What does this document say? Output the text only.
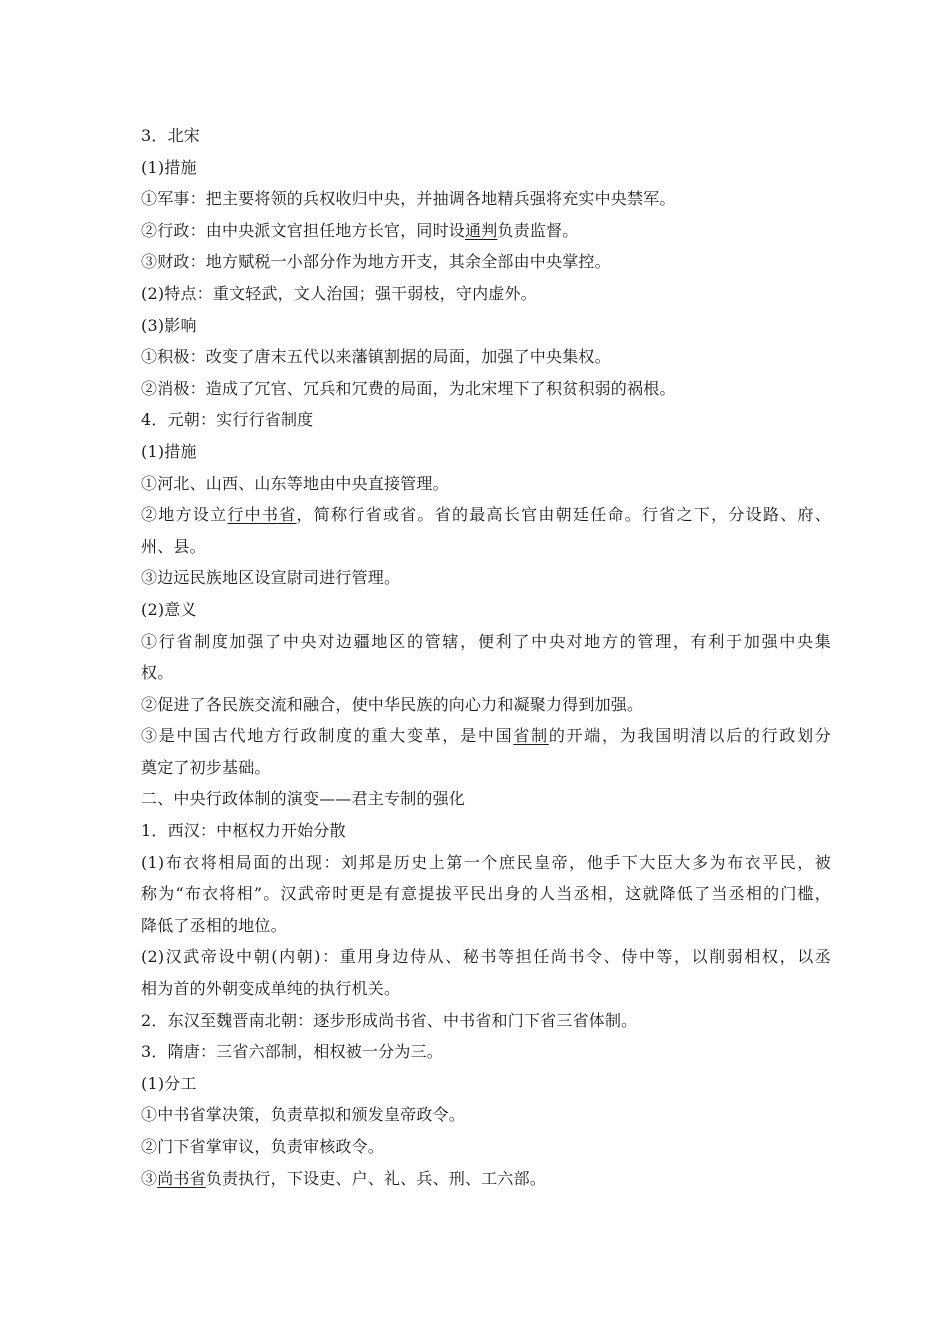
3．北宋
(1)措施
①军事：把主要将领的兵权收归中央，并抽调各地精兵强将充实中央禁军。
②行政：由中央派文官担任地方长官，同时设通判负责监督。
③财政：地方赋税一小部分作为地方开支，其余全部由中央掌控。
(2)特点：重文轻武，文人治国；强干弱枝，守内虚外。
(3)影响
①积极：改变了唐末五代以来藩镇割据的局面，加强了中央集权。
②消极：造成了冗官、冗兵和冗费的局面，为北宋埋下了积贫积弱的祸根。
4．元朝：实行行省制度
(1)措施
①河北、山西、山东等地由中央直接管理。
②地方设立行中书省，简称行省或省。省的最高长官由朝廷任命。行省之下，分设路、府、
州、县。
③边远民族地区设宣尉司进行管理。
(2)意义
①行省制度加强了中央对边疆地区的管辖，便利了中央对地方的管理，有利于加强中央集
权。
②促进了各民族交流和融合，使中华民族的向心力和凝聚力得到加强。
③是中国古代地方行政制度的重大变革，是中国省制的开端，为我国明清以后的行政划分
奠定了初步基础。
二、中央行政体制的演变——君主专制的强化
1．西汉：中枢权力开始分散
(1)布衣将相局面的出现：刘邦是历史上第一个庶民皇帝，他手下大臣大多为布衣平民，被
称为“布衣将相”。汉武帝时更是有意提拔平民出身的人当丞相，这就降低了当丞相的门槛，
降低了丞相的地位。
(2)汉武帝设中朝(内朝)：重用身边侍从、秘书等担任尚书令、侍中等，以削弱相权，以丞
相为首的外朝变成单纯的执行机关。
2．东汉至魏晋南北朝：逐步形成尚书省、中书省和门下省三省体制。
3．隋唐：三省六部制，相权被一分为三。
(1)分工
①中书省掌决策，负责草拟和颁发皇帝政令。
②门下省掌审议，负责审核政令。
③尚书省负责执行，下设吏、户、礼、兵、刑、工六部。
